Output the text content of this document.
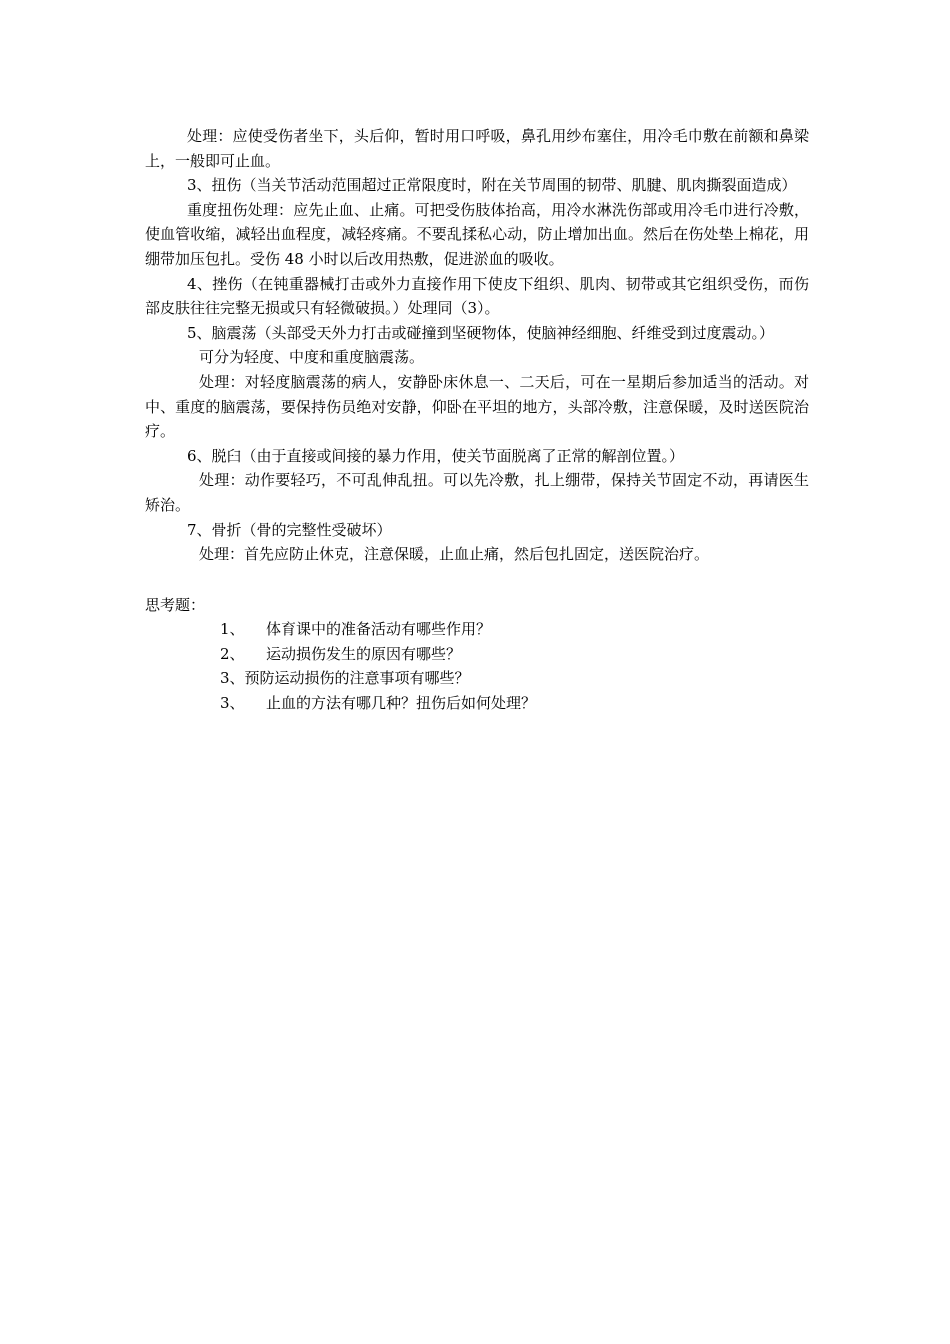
处理：应使受伤者坐下，头后仰，暂时用口呼吸，鼻孔用纱布塞住，用冷毛巾敷在前额和鼻梁上，一般即可止血。

3、扭伤（当关节活动范围超过正常限度时，附在关节周围的韧带、肌腱、肌肉撕裂面造成）

重度扭伤处理：应先止血、止痛。可把受伤肢体抬高，用冷水淋洗伤部或用冷毛巾进行冷敷，使血管收缩，减轻出血程度，减轻疼痛。不要乱揉私心动，防止增加出血。然后在伤处垫上棉花，用绷带加压包扎。受伤 48 小时以后改用热敷，促进淤血的吸收。

4、挫伤（在钝重器械打击或外力直接作用下使皮下组织、肌肉、韧带或其它组织受伤，而伤部皮肤往往完整无损或只有轻微破损。）处理同（3）。

5、脑震荡（头部受天外力打击或碰撞到坚硬物体，使脑神经细胞、纤维受到过度震动。）

可分为轻度、中度和重度脑震荡。

处理：对轻度脑震荡的病人，安静卧床休息一、二天后，可在一星期后参加适当的活动。对中、重度的脑震荡，要保持伤员绝对安静，仰卧在平坦的地方，头部冷敷，注意保暖，及时送医院治疗。

6、脱臼（由于直接或间接的暴力作用，使关节面脱离了正常的解剖位置。）

处理：动作要轻巧，不可乱伸乱扭。可以先冷敷，扎上绷带，保持关节固定不动，再请医生矫治。

7、骨折（骨的完整性受破坏）

处理：首先应防止休克，注意保暖，止血止痛，然后包扎固定，送医院治疗。

思考题：

1、 体育课中的准备活动有哪些作用？

2、 运动损伤发生的原因有哪些？

3、预防运动损伤的注意事项有哪些？

3、 止血的方法有哪几种？扭伤后如何处理？
